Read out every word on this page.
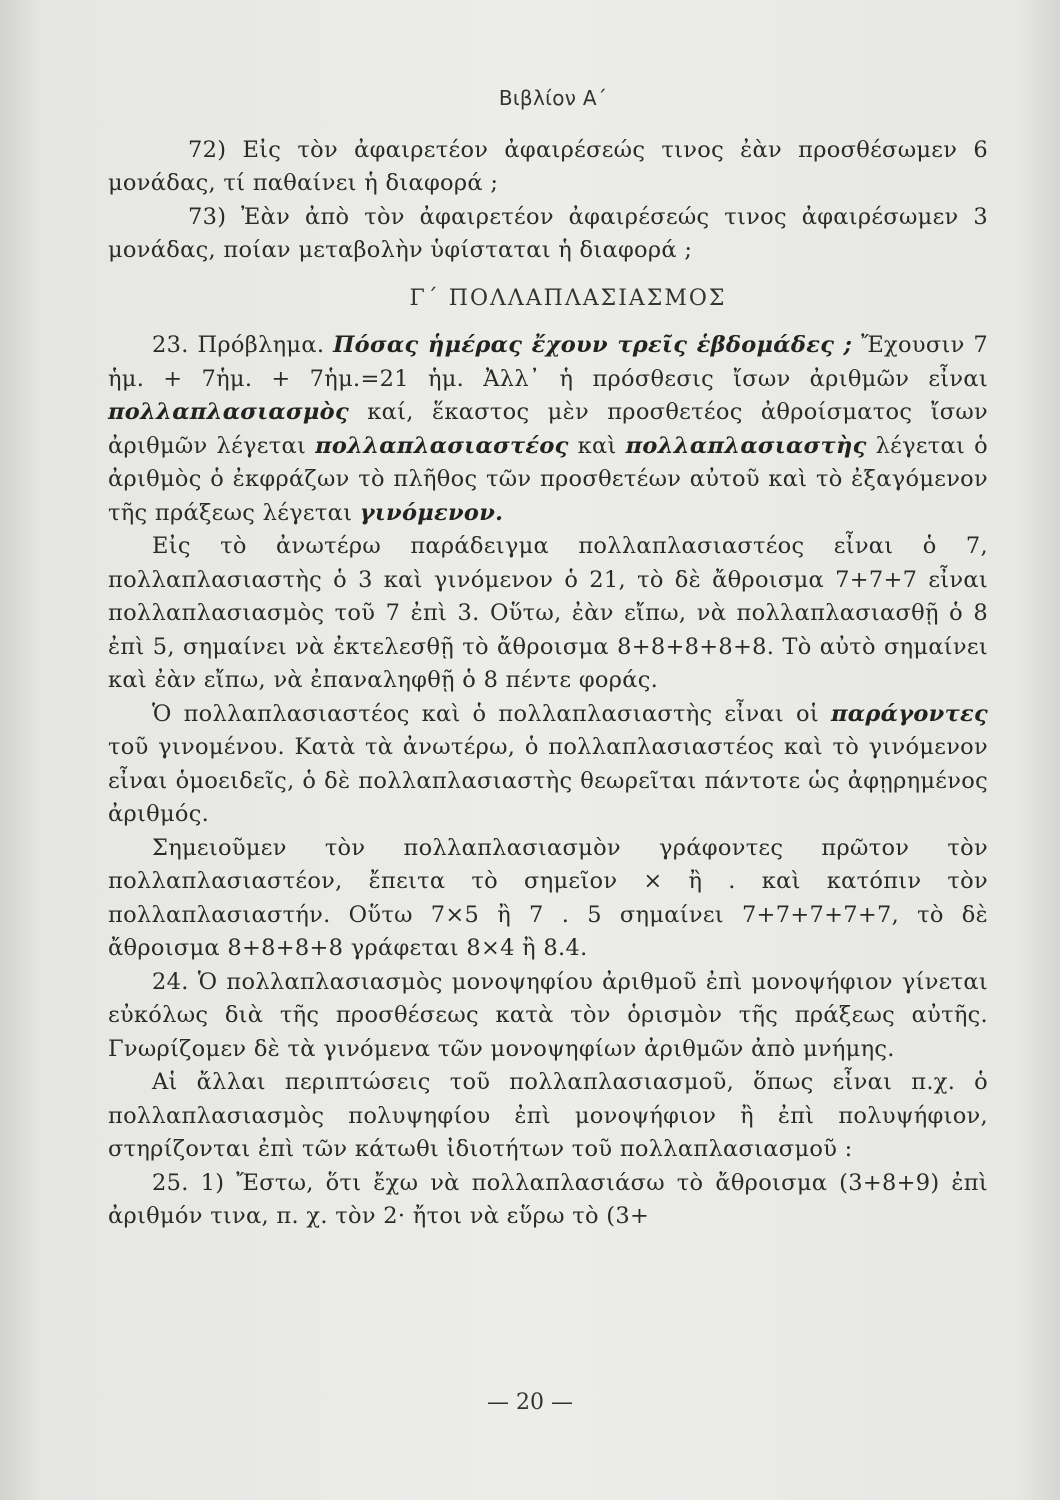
Βιβλίον Α΄

72) Εἰς τὸν ἀφαιρετέον ἀφαιρέσεώς τινος ἐὰν προσθέσωμεν 6 μονάδας, τί παθαίνει ἡ διαφορά ;

73) Ἐὰν ἀπὸ τὸν ἀφαιρετέον ἀφαιρέσεώς τινος ἀφαιρέσωμεν 3 μονάδας, ποίαν μεταβολὴν ὑφίσταται ἡ διαφορά ;

Γ΄ ΠΟΛΛΑΠΛΑΣΙΑΣΜΟΣ

23. Πρόβλημα. Πόσας ἡμέρας ἔχουν τρεῖς ἑβδομάδες ; Ἔχουσιν 7 ἡμ. + 7ἡμ. + 7ἡμ.=21 ἡμ. Ἀλλ᾽ ἡ πρόσθεσις ἴσων ἀριθμῶν εἶναι πολλαπλασιασμὸς καί, ἕκαστος μὲν προσθετέος ἀθροίσματος ἴσων ἀριθμῶν λέγεται πολλαπλασιαστέος καὶ πολλαπλασιαστὴς λέγεται ὁ ἀριθμὸς ὁ ἐκφράζων τὸ πλῆθος τῶν προσθετέων αὐτοῦ καὶ τὸ ἐξαγόμενον τῆς πράξεως λέγεται γινόμενον.

Εἰς τὸ ἀνωτέρω παράδειγμα πολλαπλασιαστέος εἶναι ὁ 7, πολλαπλασιαστὴς ὁ 3 καὶ γινόμενον ὁ 21, τὸ δὲ ἄθροισμα 7+7+7 εἶναι πολλαπλασιασμὸς τοῦ 7 ἐπὶ 3. Οὕτω, ἐὰν εἴπω, νὰ πολλαπλασιασθῇ ὁ 8 ἐπὶ 5, σημαίνει νὰ ἐκτελεσθῇ τὸ ἄθροισμα 8+8+8+8+8. Τὸ αὐτὸ σημαίνει καὶ ἐὰν εἴπω, νὰ ἐπαναληφθῇ ὁ 8 πέντε φοράς.

Ὁ πολλαπλασιαστέος καὶ ὁ πολλαπλασιαστὴς εἶναι οἱ παράγοντες τοῦ γινομένου. Κατὰ τὰ ἀνωτέρω, ὁ πολλαπλασιαστέος καὶ τὸ γινόμενον εἶναι ὁμοειδεῖς, ὁ δὲ πολλαπλασιαστὴς θεωρεῖται πάντοτε ὡς ἀφῃρημένος ἀριθμός.

Σημειοῦμεν τὸν πολλαπλασιασμὸν γράφοντες πρῶτον τὸν πολλαπλασιαστέον, ἔπειτα τὸ σημεῖον × ἢ . καὶ κατόπιν τὸν πολλαπλασιαστήν. Οὕτω 7×5 ἢ 7 . 5 σημαίνει 7+7+7+7+7, τὸ δὲ ἄθροισμα 8+8+8+8 γράφεται 8×4 ἢ 8.4.

24. Ὁ πολλαπλασιασμὸς μονοψηφίου ἀριθμοῦ ἐπὶ μονοψήφιον γίνεται εὐκόλως διὰ τῆς προσθέσεως κατὰ τὸν ὁρισμὸν τῆς πράξεως αὐτῆς. Γνωρίζομεν δὲ τὰ γινόμενα τῶν μονοψηφίων ἀριθμῶν ἀπὸ μνήμης.

Αἱ ἄλλαι περιπτώσεις τοῦ πολλαπλασιασμοῦ, ὅπως εἶναι π.χ. ὁ πολλαπλασιασμὸς πολυψηφίου ἐπὶ μονοψήφιον ἢ ἐπὶ πολυψήφιον, στηρίζονται ἐπὶ τῶν κάτωθι ἰδιοτήτων τοῦ πολλαπλασιασμοῦ :

25. 1) Ἔστω, ὅτι ἔχω νὰ πολλαπλασιάσω τὸ ἄθροισμα (3+8+9) ἐπὶ ἀριθμόν τινα, π. χ. τὸν 2· ἤτοι νὰ εὕρω τὸ (3+

— 20 —
